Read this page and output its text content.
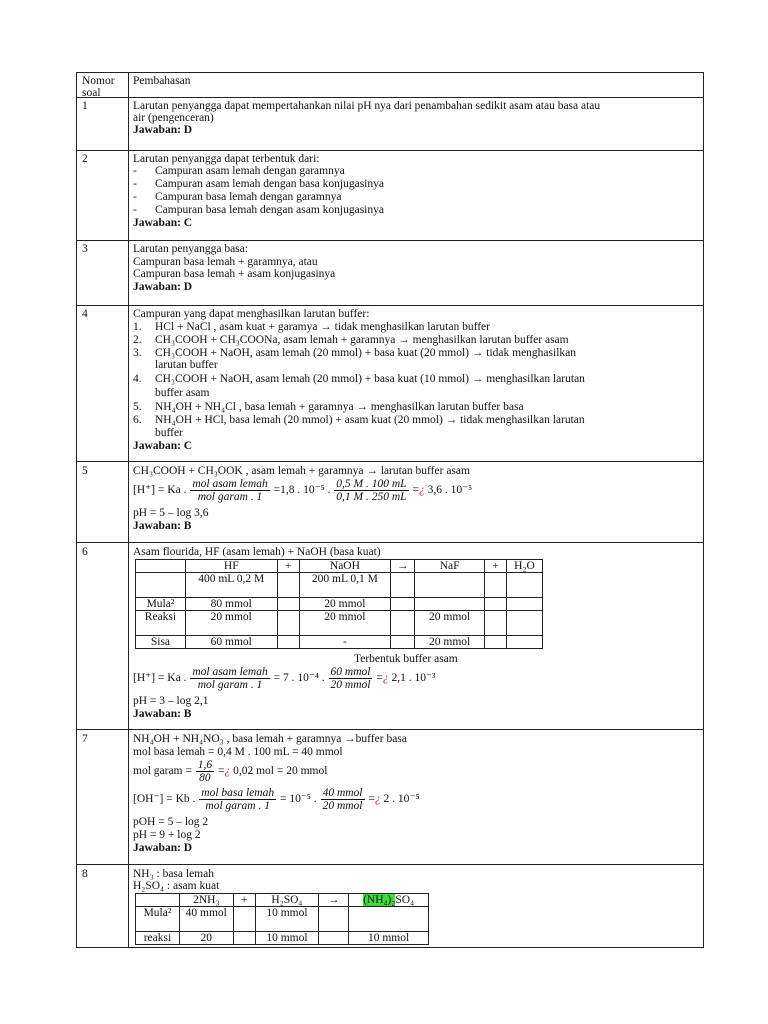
Nomor
soal
Pembahasan
1	Larutan penyangga dapat mempertahankan nilai pH nya dari penambahan sedikit asam atau basa atau
air (pengenceran)
Jawaban: D
2	Larutan penyangga dapat terbentuk dari:
- Campuran asam lemah dengan garamnya
- Campuran asam lemah dengan basa konjugasinya
- Campuran basa lemah dengan garamnya
- Campuran basa lemah dengan asam konjugasinya
Jawaban: C
3	Larutan penyangga basa:
Campuran basa lemah + garamnya, atau
Campuran basa lemah + asam konjugasinya
Jawaban: D
4	Campuran yang dapat menghasilkan larutan buffer:
1. HCl + NaCl , asam kuat + garamya → tidak menghasilkan larutan buffer
2. CH₃COOH + CH₃COONa, asam lemah + garamnya → menghasilkan larutan buffer asam
3. CH₃COOH + NaOH, asam lemah (20 mmol) + basa kuat (20 mmol) → tidak menghasilkan
larutan buffer
4. CH₃COOH + NaOH, asam lemah (20 mmol) + basa kuat (10 mmol) → menghasilkan larutan
buffer asam
5. NH₄OH + NH₄Cl , basa lemah + garamnya → menghasilkan larutan buffer basa
6. NH₄OH + HCl, basa lemah (20 mmol) + asam kuat (20 mmol) → tidak menghasilkan larutan
buffer
Jawaban: C
5	CH₃COOH + CH₃OOK , asam lemah + garamnya → larutan buffer asam
[H⁺] = Ka . $\frac{\text{mol asam lemah}}{\text{mol garam . 1}} =1,8$ . 10⁻⁵ . $\frac{0,5 M . 100 mL}{0,1 M . 250 mL}$ =¿ 3,6 . 10⁻⁵
pH = 5 – log 3,6
Jawaban: B
6	Asam flourida, HF (asam lemah) + NaOH (basa kuat)
	HF	+	NaOH	→	NaF	+	H₂O
	400 mL 0,2 M		200 mL 0,1 M				
Mula²	80 mmol		20 mmol				
Reaksi	20 mmol		20 mmol		20 mmol		
Sisa	60 mmol		-		20 mmol		
Terbentuk buffer asam
[H⁺] = Ka . $\frac{\text{mol asam lemah}}{\text{mol garam . 1}} = 7$ . 10⁻⁴ . $\frac{\text{60 mmol}}{\text{20 mmol}}$ =¿ 2,1 . 10⁻³
pH = 3 – log 2,1
Jawaban: B
7	NH₄OH + NH₄NO₃ , basa lemah + garamnya →buffer basa
mol basa lemah = 0,4 M . 100 mL = 40 mmol
mol garam = $\frac{1,6}{80}$ =¿ 0,02 mol = 20 mmol
[OH⁻] = Kb . $\frac{\text{mol basa lemah}}{\text{mol garam . 1}} = 10^{-5}$ . $\frac{\text{40 mmol}}{\text{20 mmol}}$ =¿ 2 . 10⁻⁵
pOH = 5 – log 2
pH = 9 + log 2
Jawaban: D
8	NH₃ : basa lemah
H₂SO₄ : asam kuat
	2NH₃	+	H₂SO₄	→	(NH₄)₂SO₄
Mula²	40 mmol		10 mmol		
reaksi	20		10 mmol		10 mmol
